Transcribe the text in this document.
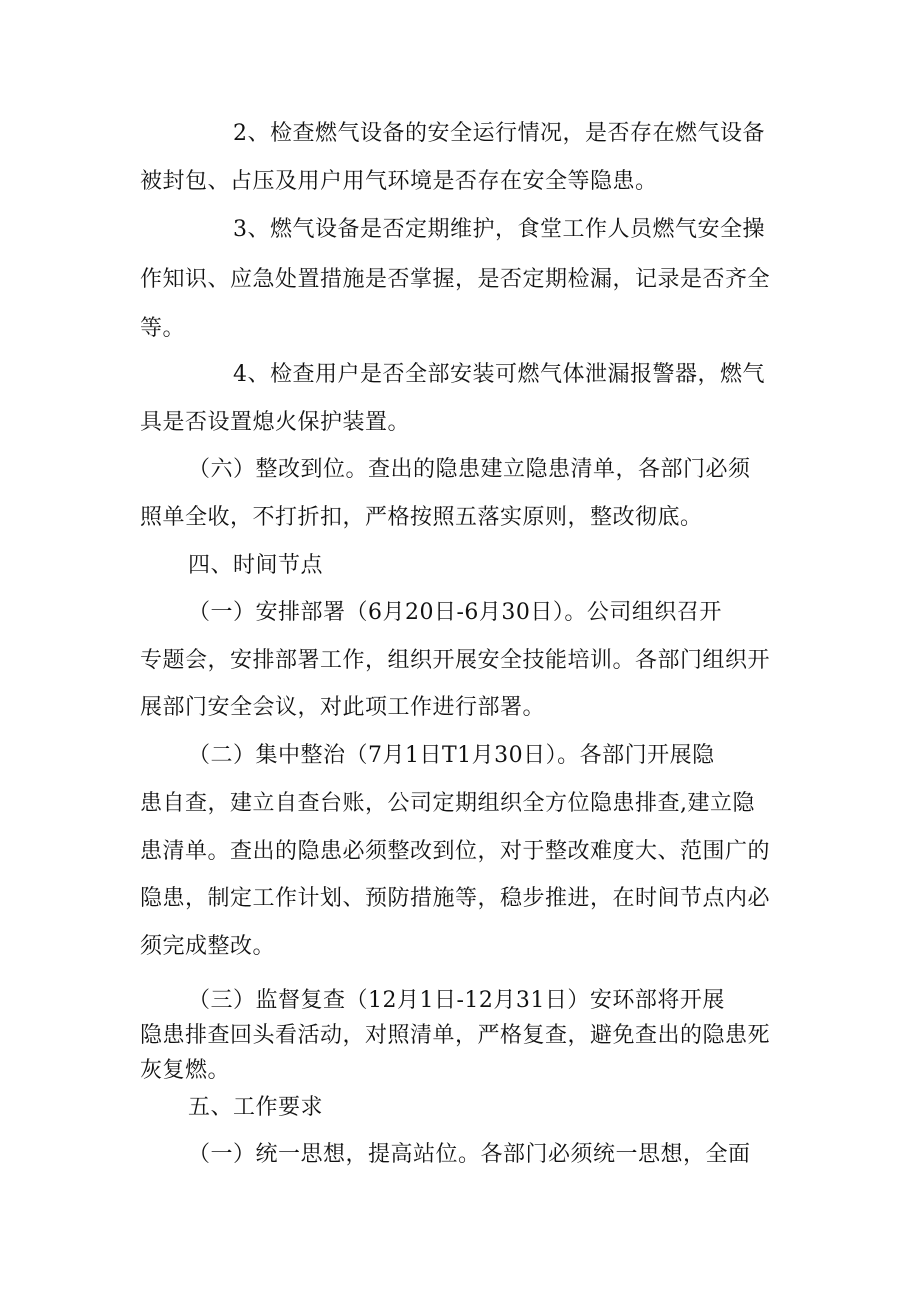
2、检查燃气设备的安全运行情况，是否存在燃气设备

被封包、占压及用户用气环境是否存在安全等隐患。

3、燃气设备是否定期维护，食堂工作人员燃气安全操

作知识、应急处置措施是否掌握，是否定期检漏，记录是否齐全

等。

4、检查用户是否全部安装可燃气体泄漏报警器，燃气

具是否设置熄火保护装置。

（六）整改到位。查出的隐患建立隐患清单，各部门必须

照单全收，不打折扣，严格按照五落实原则，整改彻底。

四、时间节点

（一）安排部署（6月20日-6月30日）。公司组织召开

专题会，安排部署工作，组织开展安全技能培训。各部门组织开

展部门安全会议，对此项工作进行部署。

（二）集中整治（7月1日T1月30日）。各部门开展隐

患自查，建立自查台账，公司定期组织全方位隐患排查,建立隐

患清单。查出的隐患必须整改到位，对于整改难度大、范围广的

隐患，制定工作计划、预防措施等，稳步推进，在时间节点内必

须完成整改。

（三）监督复查（12月1日-12月31日）安环部将开展

隐患排查回头看活动，对照清单，严格复查，避免查出的隐患死

灰复燃。

五、工作要求

（一）统一思想，提高站位。各部门必须统一思想，全面
